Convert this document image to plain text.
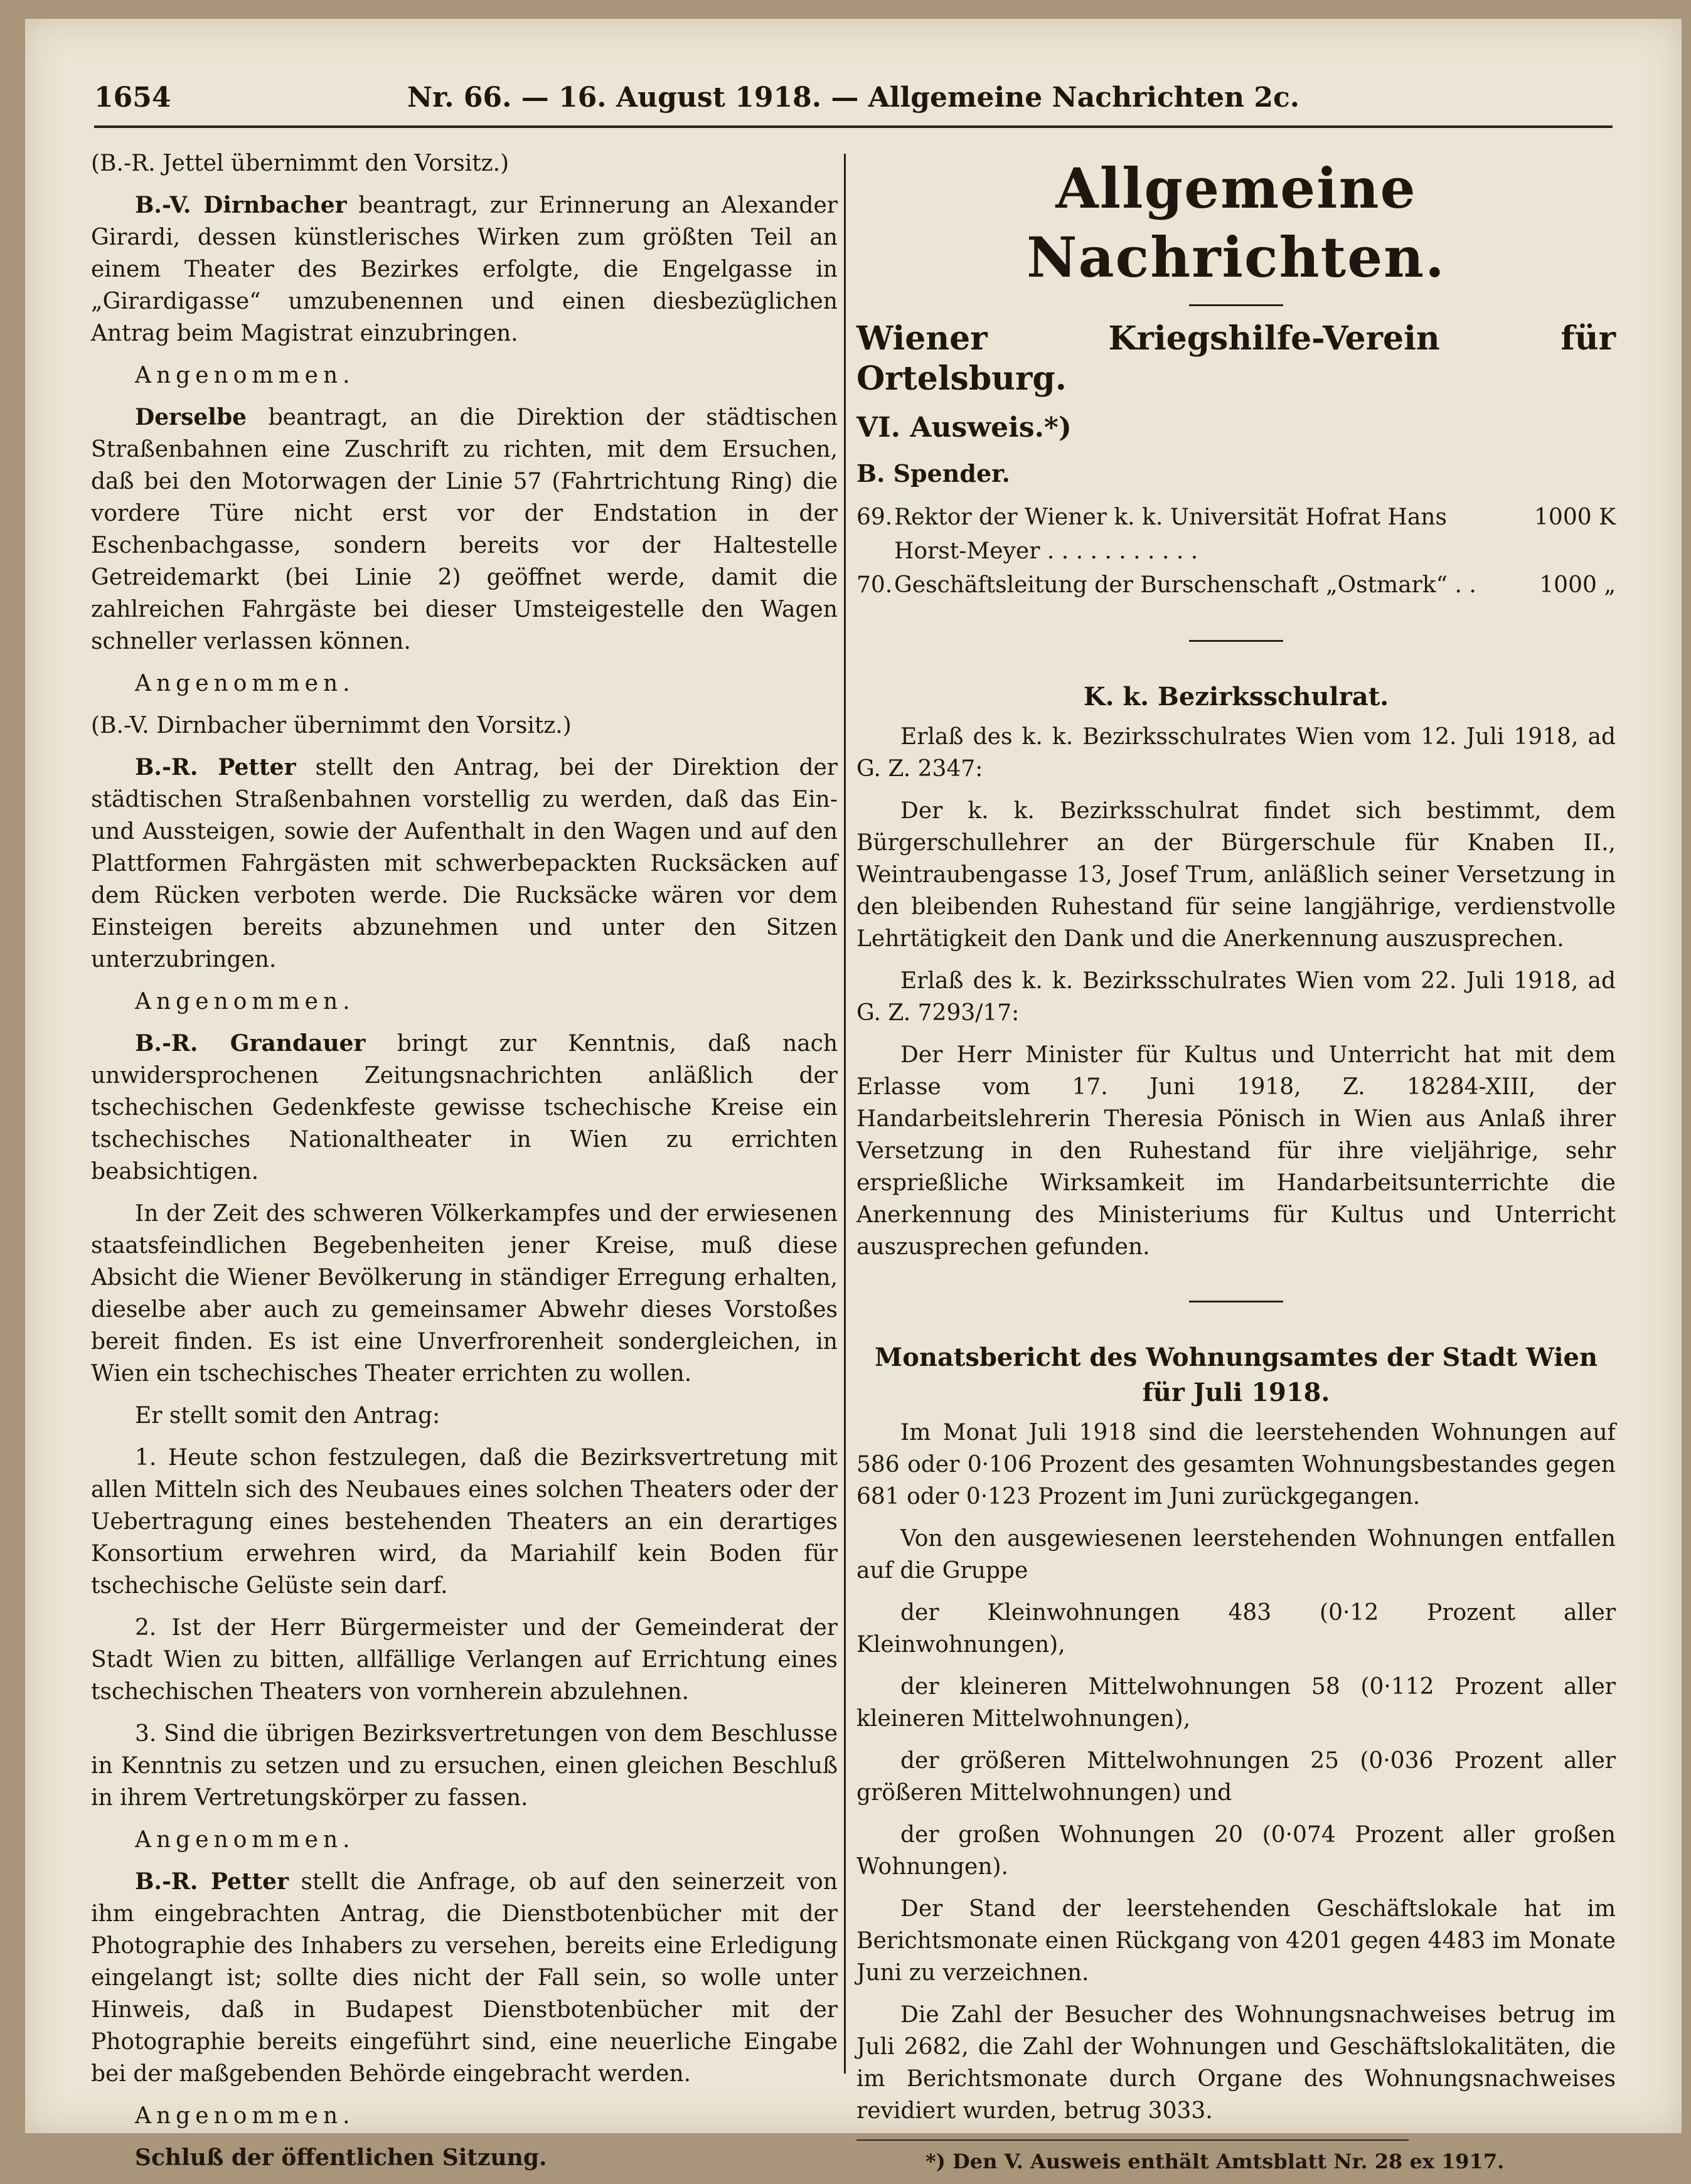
1654	Nr. 66. — 16. August 1918. — Allgemeine Nachrichten 2c.

(B.-R. Jettel übernimmt den Vorsitz.)

B.-V. Dirnbacher beantragt, zur Erinnerung an Alexander Girardi, dessen künstlerisches Wirken zum größten Teil an einem Theater des Bezirkes erfolgte, die Engelgasse in „Girardigasse“ umzubenennen und einen diesbezüglichen Antrag beim Magistrat einzubringen.

Angenommen.

Derselbe beantragt, an die Direktion der städtischen Straßenbahnen eine Zuschrift zu richten, mit dem Ersuchen, daß bei den Motorwagen der Linie 57 (Fahrtrichtung Ring) die vordere Türe nicht erst vor der Endstation in der Eschenbachgasse, sondern bereits vor der Haltestelle Getreidemarkt (bei Linie 2) geöffnet werde, damit die zahlreichen Fahrgäste bei dieser Umsteigestelle den Wagen schneller verlassen können.

Angenommen.

(B.-V. Dirnbacher übernimmt den Vorsitz.)

B.-R. Petter stellt den Antrag, bei der Direktion der städtischen Straßenbahnen vorstellig zu werden, daß das Ein- und Aussteigen, sowie der Aufenthalt in den Wagen und auf den Plattformen Fahrgästen mit schwerbepackten Rucksäcken auf dem Rücken verboten werde. Die Rucksäcke wären vor dem Einsteigen bereits abzunehmen und unter den Sitzen unterzubringen.

Angenommen.

B.-R. Grandauer bringt zur Kenntnis, daß nach unwidersprochenen Zeitungsnachrichten anläßlich der tschechischen Gedenkfeste gewisse tschechische Kreise ein tschechisches Nationaltheater in Wien zu errichten beabsichtigen.

In der Zeit des schweren Völkerkampfes und der erwiesenen staatsfeindlichen Begebenheiten jener Kreise, muß diese Absicht die Wiener Bevölkerung in ständiger Erregung erhalten, dieselbe aber auch zu gemeinsamer Abwehr dieses Vorstoßes bereit finden. Es ist eine Unverfrorenheit sondergleichen, in Wien ein tschechisches Theater errichten zu wollen.

Er stellt somit den Antrag:

1. Heute schon festzulegen, daß die Bezirksvertretung mit allen Mitteln sich des Neubaues eines solchen Theaters oder der Uebertragung eines bestehenden Theaters an ein derartiges Konsortium erwehren wird, da Mariahilf kein Boden für tschechische Gelüste sein darf.

2. Ist der Herr Bürgermeister und der Gemeinderat der Stadt Wien zu bitten, allfällige Verlangen auf Errichtung eines tschechischen Theaters von vornherein abzulehnen.

3. Sind die übrigen Bezirksvertretungen von dem Beschlusse in Kenntnis zu setzen und zu ersuchen, einen gleichen Beschluß in ihrem Vertretungskörper zu fassen.

Angenommen.

B.-R. Petter stellt die Anfrage, ob auf den seinerzeit von ihm eingebrachten Antrag, die Dienstbotenbücher mit der Photographie des Inhabers zu versehen, bereits eine Erledigung eingelangt ist; sollte dies nicht der Fall sein, so wolle unter Hinweis, daß in Budapest Dienstbotenbücher mit der Photographie bereits eingeführt sind, eine neuerliche Eingabe bei der maßgebenden Behörde eingebracht werden.

Angenommen.

Schluß der öffentlichen Sitzung.

Allgemeine Nachrichten.

Wiener Kriegshilfe-Verein für Ortelsburg.

VI. Ausweis.*)

B. Spender.

69. Rektor der Wiener k. k. Universität Hofrat Hans Horst-Meyer . . . . . . . . . . .
1000 K
70. Geschäftsleitung der Burschenschaft „Ostmark“ . .	1000 „
K. k. Bezirksschulrat.

Erlaß des k. k. Bezirksschulrates Wien vom 12. Juli 1918, ad G. Z. 2347:

Der k. k. Bezirksschulrat findet sich bestimmt, dem Bürgerschullehrer an der Bürgerschule für Knaben II., Weintraubengasse 13, Josef Trum, anläßlich seiner Versetzung in den bleibenden Ruhestand für seine langjährige, verdienstvolle Lehrtätigkeit den Dank und die Anerkennung auszusprechen.

Erlaß des k. k. Bezirksschulrates Wien vom 22. Juli 1918, ad G. Z. 7293/17:

Der Herr Minister für Kultus und Unterricht hat mit dem Erlasse vom 17. Juni 1918, Z. 18284-XIII, der Handarbeitslehrerin Theresia Pönisch in Wien aus Anlaß ihrer Versetzung in den Ruhestand für ihre vieljährige, sehr ersprießliche Wirksamkeit im Handarbeitsunterrichte die Anerkennung des Ministeriums für Kultus und Unterricht auszusprechen gefunden.

Monatsbericht des Wohnungsamtes der Stadt Wien für Juli 1918.

Im Monat Juli 1918 sind die leerstehenden Wohnungen auf 586 oder 0·106 Prozent des gesamten Wohnungsbestandes gegen 681 oder 0·123 Prozent im Juni zurückgegangen.

Von den ausgewiesenen leerstehenden Wohnungen entfallen auf die Gruppe

der Kleinwohnungen 483 (0·12 Prozent aller Kleinwohnungen),

der kleineren Mittelwohnungen 58 (0·112 Prozent aller kleineren Mittelwohnungen),

der größeren Mittelwohnungen 25 (0·036 Prozent aller größeren Mittelwohnungen) und

der großen Wohnungen 20 (0·074 Prozent aller großen Wohnungen).

Der Stand der leerstehenden Geschäftslokale hat im Berichtsmonate einen Rückgang von 4201 gegen 4483 im Monate Juni zu verzeichnen.

Die Zahl der Besucher des Wohnungsnachweises betrug im Juli 2682, die Zahl der Wohnungen und Geschäftslokalitäten, die im Berichtsmonate durch Organe des Wohnungsnachweises revidiert wurden, betrug 3033.

*) Den V. Ausweis enthält Amtsblatt Nr. 28 ex 1917.
